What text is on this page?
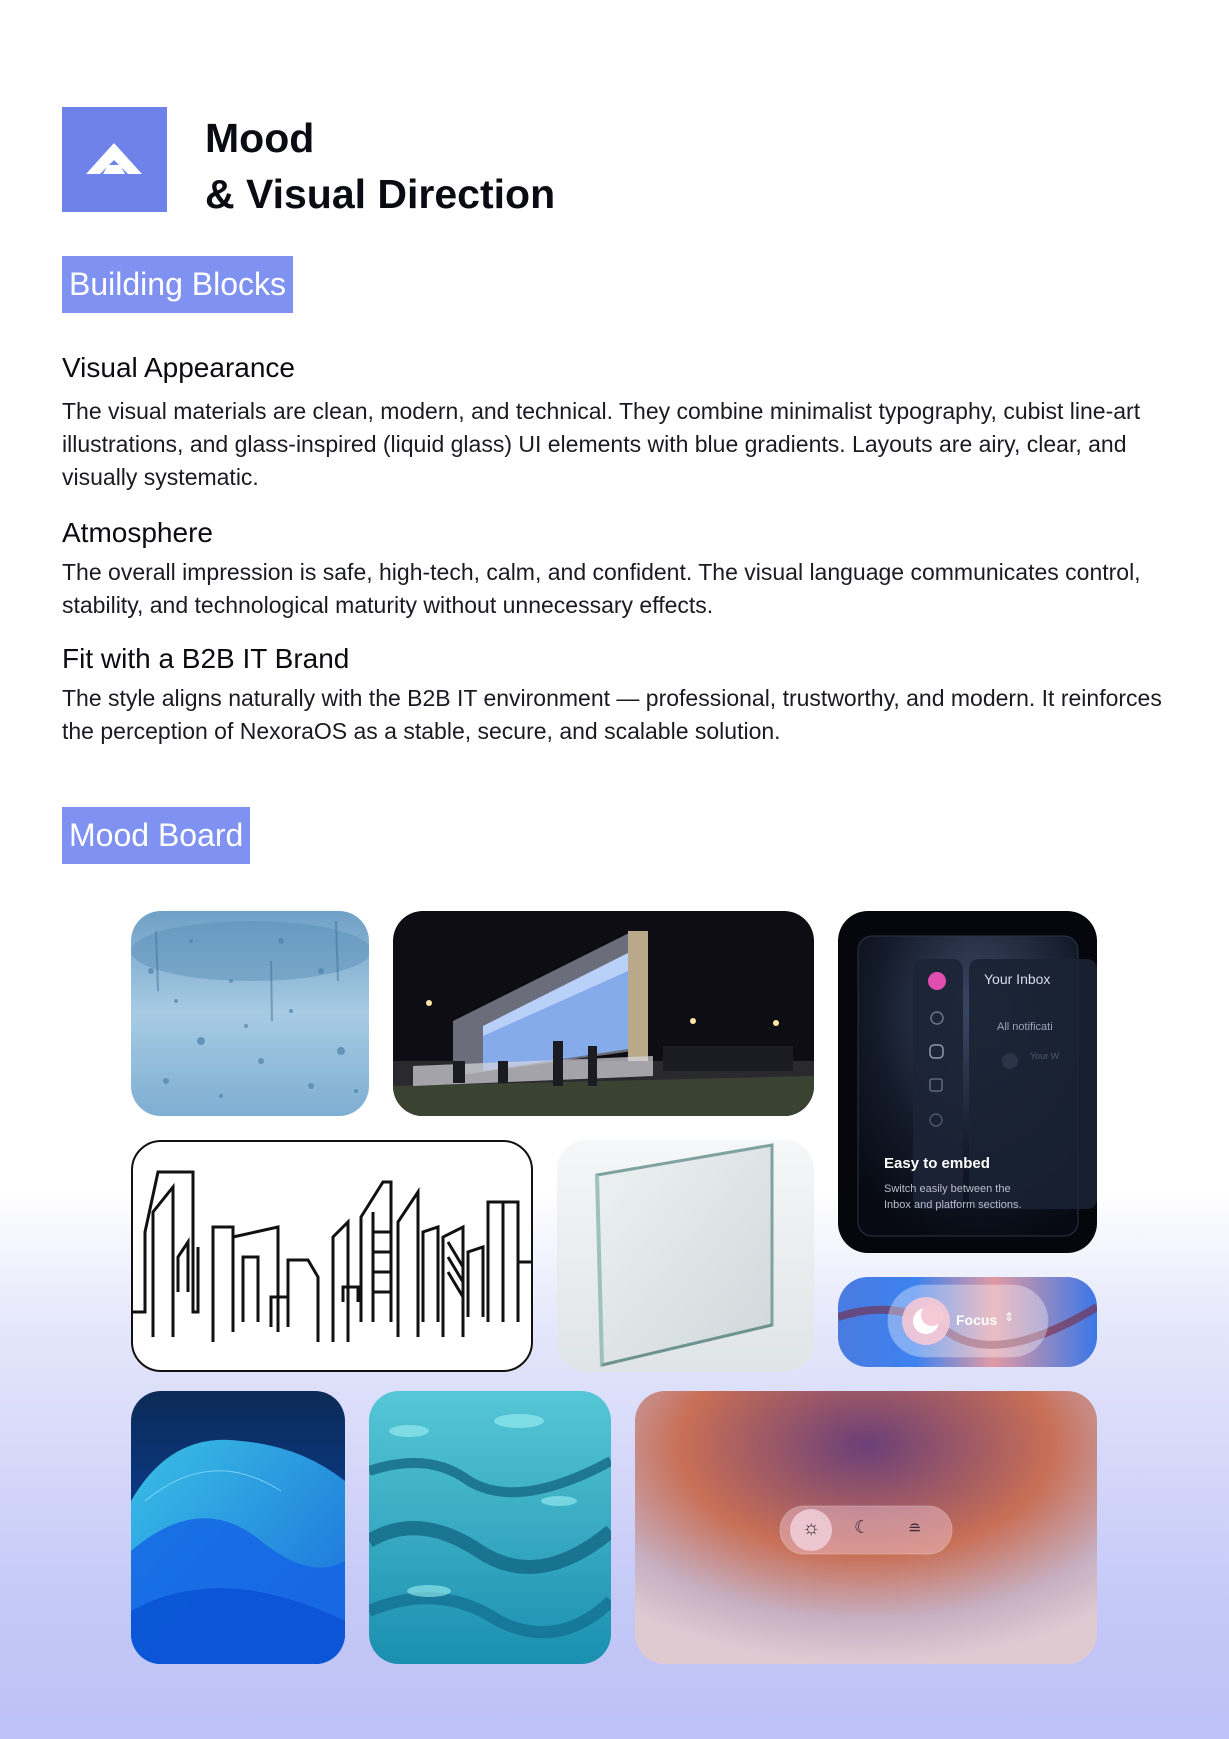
Mood
& Visual Direction
Building Blocks
Visual Appearance
The visual materials are clean, modern, and technical. They combine minimalist typography, cubist line-art illustrations, and glass-inspired (liquid glass) UI elements with blue gradients. Layouts are airy, clear, and visually systematic.
Atmosphere
The overall impression is safe, high-tech, calm, and confident. The visual language communicates control, stability, and technological maturity without unnecessary effects.
Fit with a B2B IT Brand
The style aligns naturally with the B2B IT environment — professional, trustworthy, and modern. It reinforces the perception of NexoraOS as a stable, secure, and scalable solution.
Mood Board
Your Inbox
All notificati
Your W
Easy to embed
Switch easily between the
Inbox and platform sections.
Focus ⇕
☼ ☾ ≘
